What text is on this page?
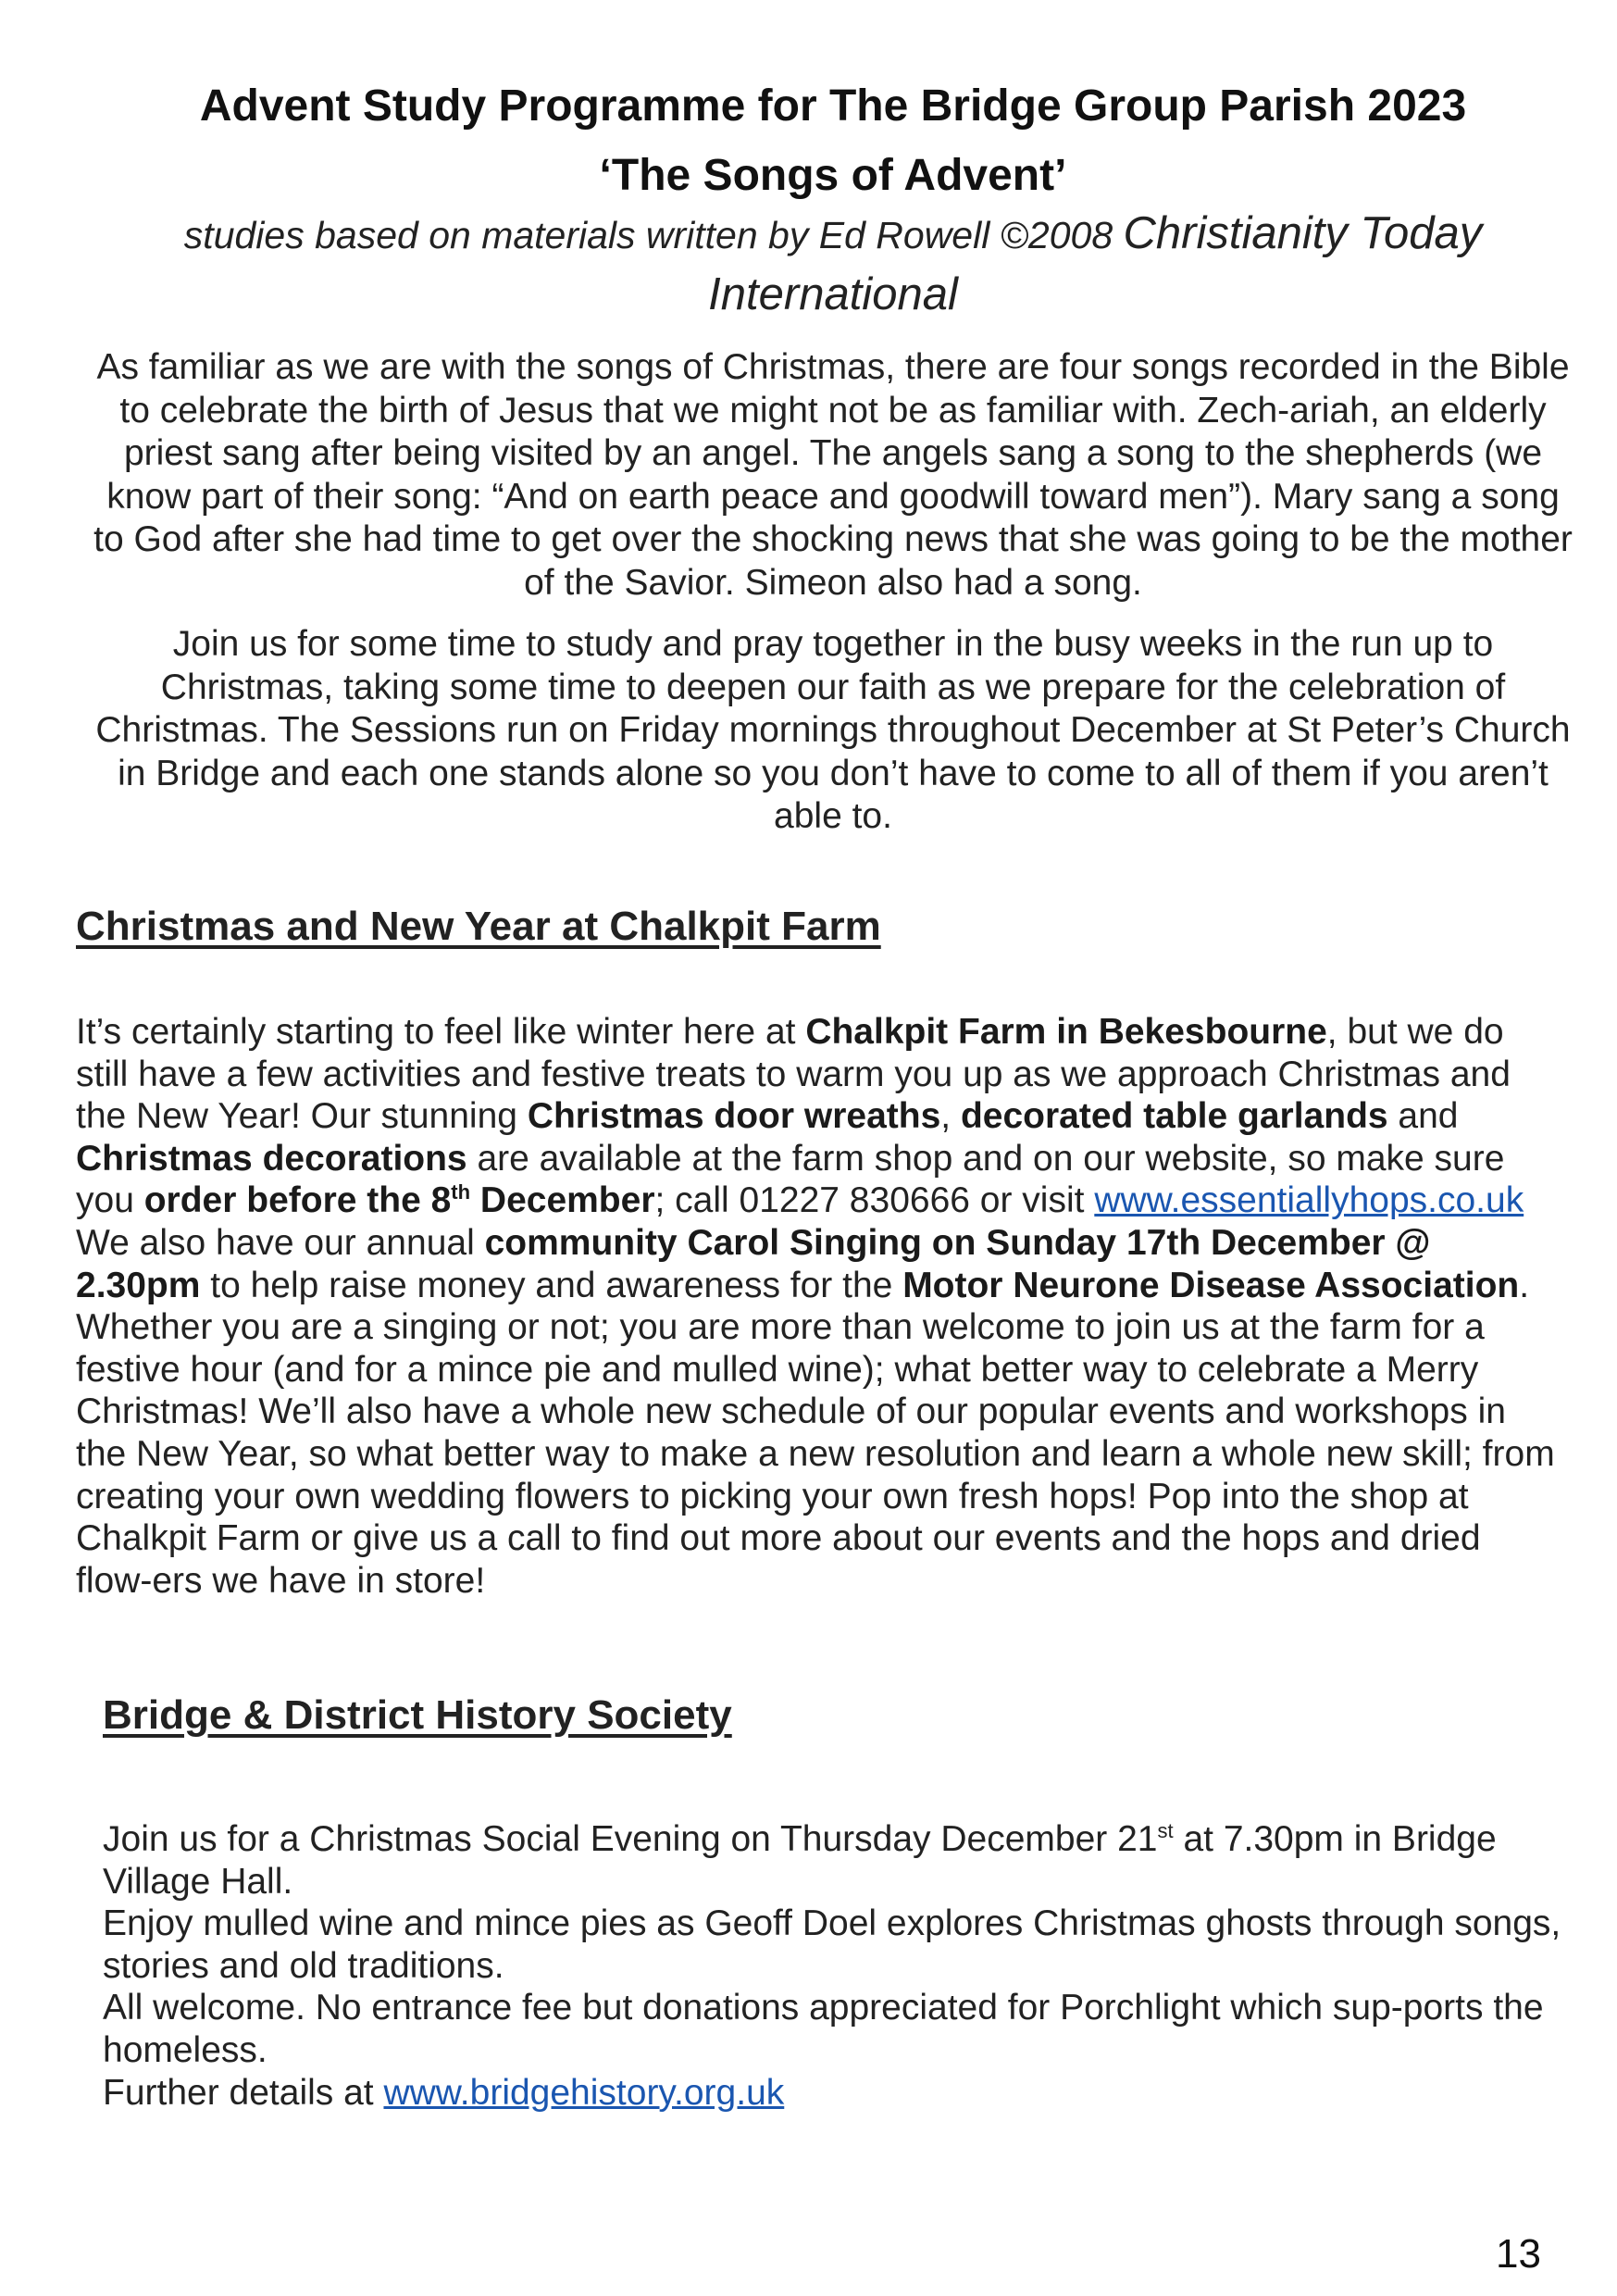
Advent Study Programme for The Bridge Group Parish 2023
‘The Songs of Advent’

studies based on materials written by Ed Rowell ©2008 Christianity Today International

As familiar as we are with the songs of Christmas, there are four songs recorded in the Bible to celebrate the birth of Jesus that we might not be as familiar with. Zech-ariah, an elderly priest sang after being visited by an angel. The angels sang a song to the shepherds (we know part of their song: “And on earth peace and goodwill toward men”). Mary sang a song to God after she had time to get over the shocking news that she was going to be the mother of the Savior. Simeon also had a song.

Join us for some time to study and pray together in the busy weeks in the run up to Christmas, taking some time to deepen our faith as we prepare for the celebration of Christmas. The Sessions run on Friday mornings throughout December at St Peter’s Church in Bridge and each one stands alone so you don’t have to come to all of them if you aren’t able to.

Christmas and New Year at Chalkpit Farm
It’s certainly starting to feel like winter here at Chalkpit Farm in Bekesbourne, but we do still have a few activities and festive treats to warm you up as we approach Christmas and the New Year! Our stunning Christmas door wreaths, decorated table garlands and Christmas decorations are available at the farm shop and on our website, so make sure you order before the 8th December; call 01227 830666 or visit www.essentiallyhops.co.uk We also have our annual community Carol Singing on Sunday 17th December @ 2.30pm to help raise money and awareness for the Motor Neurone Disease Association. Whether you are a singing or not; you are more than welcome to join us at the farm for a festive hour (and for a mince pie and mulled wine); what better way to celebrate a Merry Christmas! We’ll also have a whole new schedule of our popular events and workshops in the New Year, so what better way to make a new resolution and learn a whole new skill; from creating your own wedding flowers to picking your own fresh hops! Pop into the shop at Chalkpit Farm or give us a call to find out more about our events and the hops and dried flow-ers we have in store!
Bridge & District History Society
Join us for a Christmas Social Evening on Thursday December 21st at 7.30pm in Bridge Village Hall.
Enjoy mulled wine and mince pies as Geoff Doel explores Christmas ghosts through songs, stories and old traditions.
All welcome. No entrance fee but donations appreciated for Porchlight which sup-ports the homeless.
Further details at www.bridgehistory.org.uk
13
